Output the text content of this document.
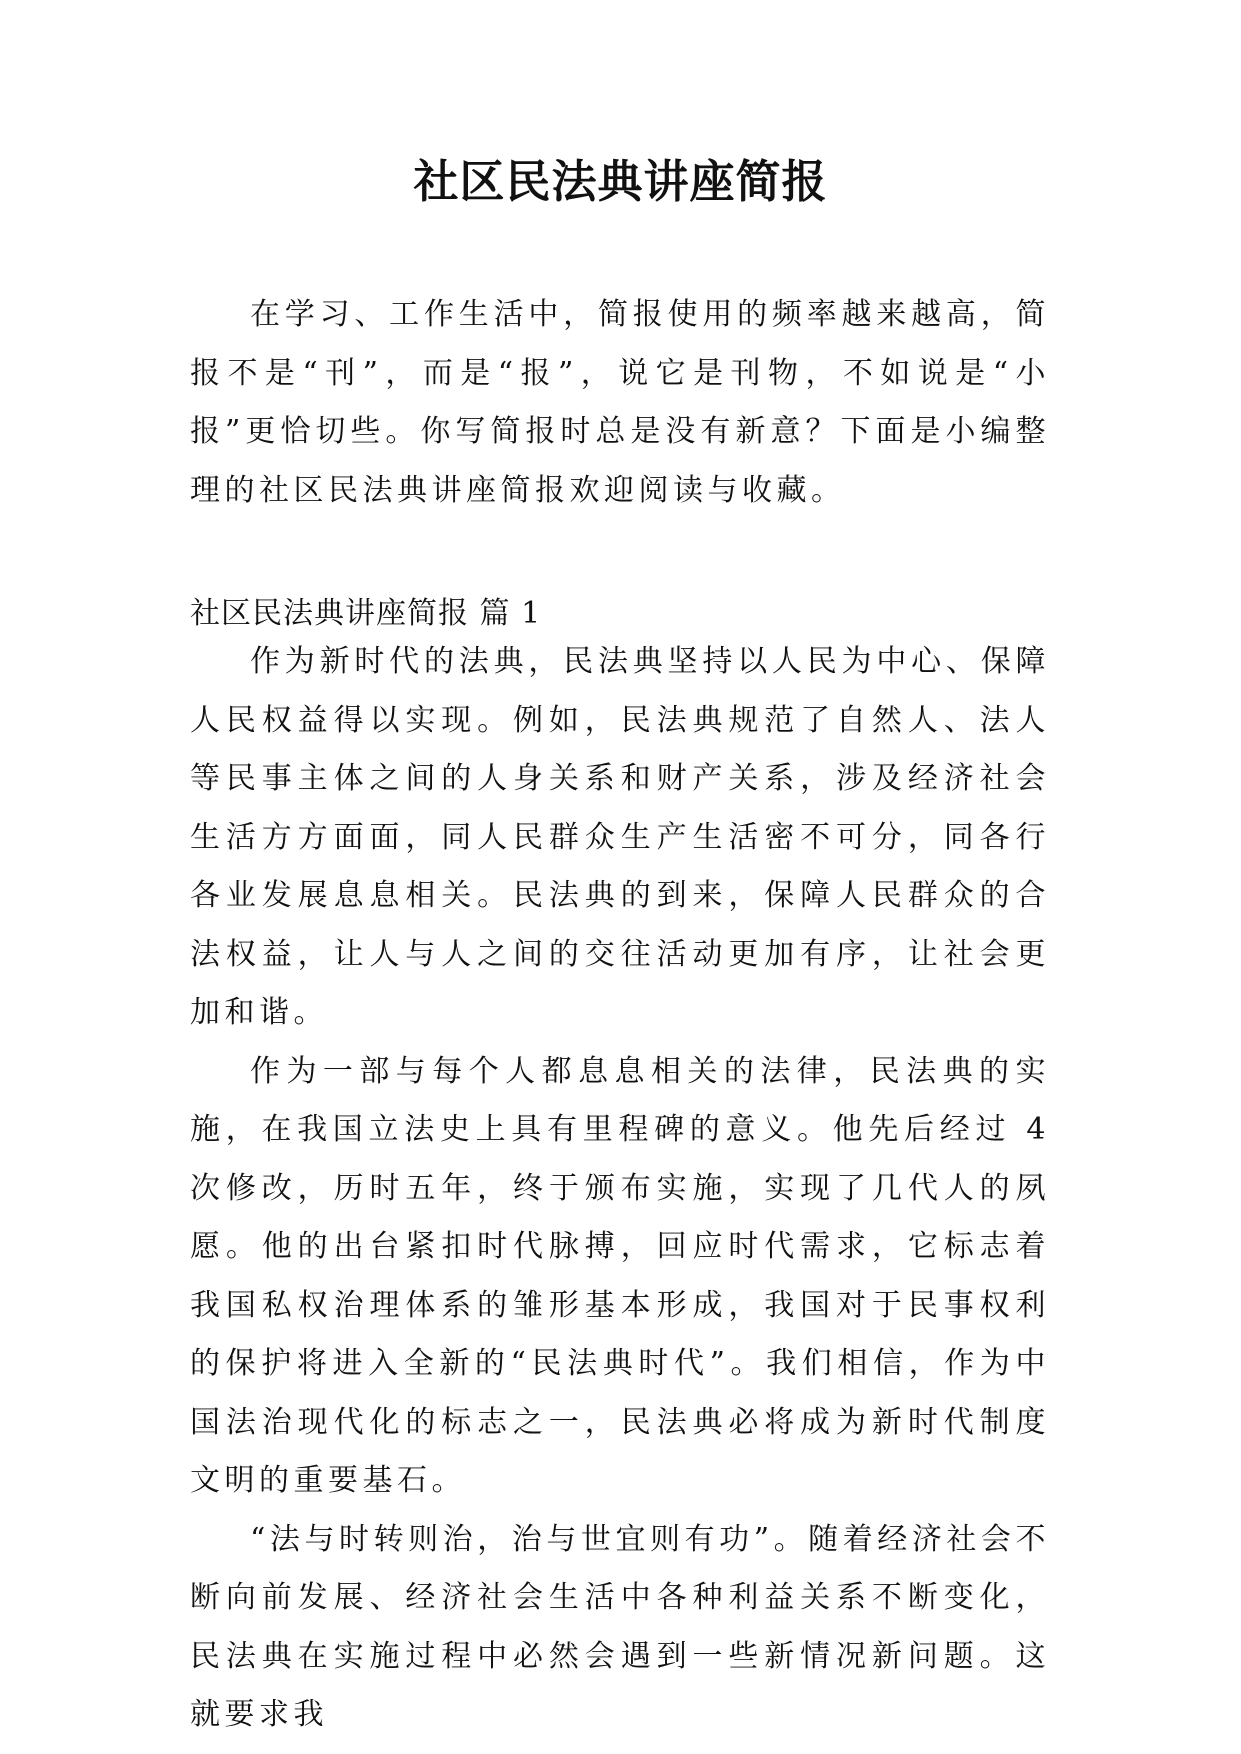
社区民法典讲座简报

在学习、工作生活中，简报使用的频率越来越高，简报不是“刊”，而是“报”，说它是刊物，不如说是“小报”更恰切些。你写简报时总是没有新意？下面是小编整理的社区民法典讲座简报欢迎阅读与收藏。

社区民法典讲座简报 篇 1

作为新时代的法典，民法典坚持以人民为中心、保障人民权益得以实现。例如，民法典规范了自然人、法人等民事主体之间的人身关系和财产关系，涉及经济社会生活方方面面，同人民群众生产生活密不可分，同各行各业发展息息相关。民法典的到来，保障人民群众的合法权益，让人与人之间的交往活动更加有序，让社会更加和谐。

作为一部与每个人都息息相关的法律，民法典的实施，在我国立法史上具有里程碑的意义。他先后经过 4 次修改，历时五年，终于颁布实施，实现了几代人的夙愿。他的出台紧扣时代脉搏，回应时代需求，它标志着我国私权治理体系的雏形基本形成，我国对于民事权利的保护将进入全新的“民法典时代”。我们相信，作为中国法治现代化的标志之一，民法典必将成为新时代制度文明的重要基石。

“法与时转则治，治与世宜则有功”。随着经济社会不断向前发展、经济社会生活中各种利益关系不断变化，民法典在实施过程中必然会遇到一些新情况新问题。这就要求我
